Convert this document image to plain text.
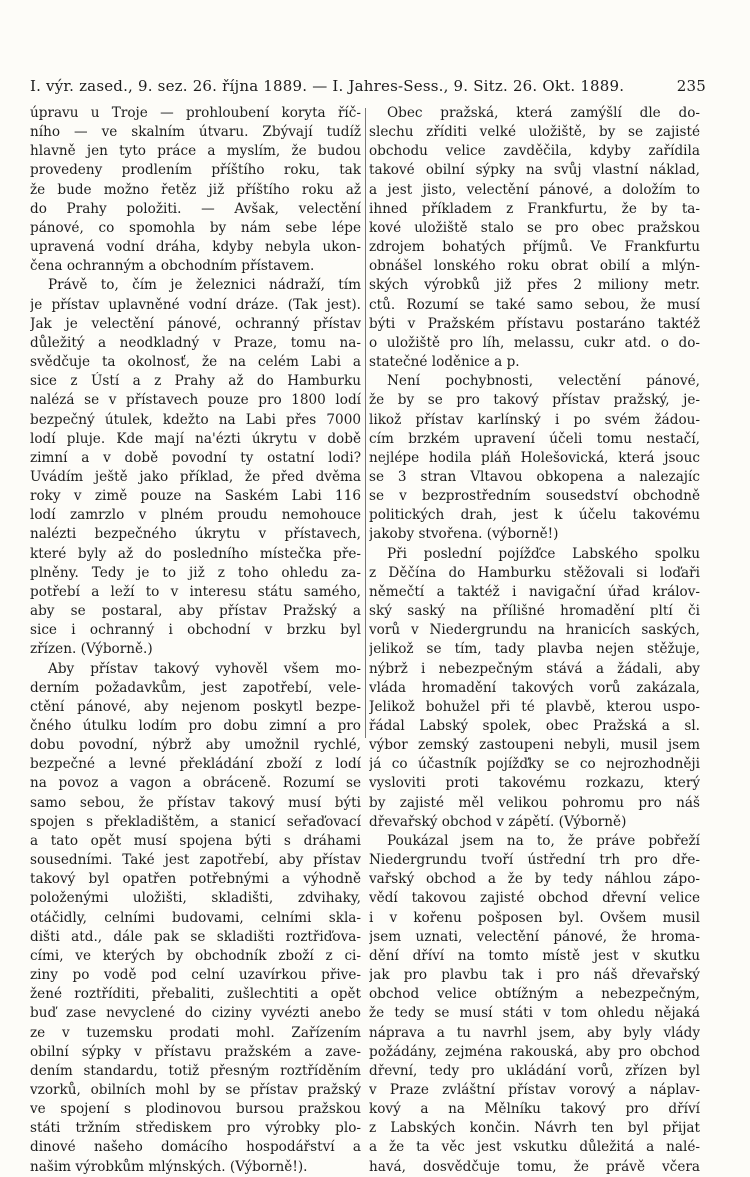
I. výr. zased., 9. sez. 26. října 1889. — I. Jahres-Sess., 9. Sitz. 26. Okt. 1889.	235
úpravu u Troje — prohloubení koryta říč-
ního — ve skalním útvaru. Zbývají tudíž
hlavně jen tyto práce a myslím, že budou
provedeny prodlením příštího roku, tak
že bude možno řetěz již příštího roku až
do Prahy položiti. — Avšak, velectění
pánové, co spomohla by nám sebe lépe
upravená vodní dráha, kdyby nebyla ukon-
čena ochranným a obchodním přístavem.
Právě to, čím je železnici nádraží, tím
je přístav uplavněné vodní dráze. (Tak jest).
Jak je velectění pánové, ochranný přístav
důležitý a neodkladný v Praze, tomu na-
svědčuje ta okolnosť, že na celém Labi a
sice z Ústí a z Prahy až do Hamburku
nalézá se v přístavech pouze pro 1800 lodí
bezpečný útulek, kdežto na Labi přes 7000
lodí pluje. Kde mají na'ézti úkrytu v době
zimní a v době povodní ty ostatní lodi?
Uvádím ještě jako příklad, že před dvěma
roky v zimě pouze na Saském Labi 116
lodí zamrzlo v plném proudu nemohouce
nalézti bezpečného úkrytu v přístavech,
které byly až do posledního místečka pře-
plněny. Tedy je to již z toho ohledu za-
potřebí a leží to v interesu státu samého,
aby se postaral, aby přístav Pražský a
sice i ochranný i obchodní v brzku byl
zřízen. (Výborně.)
Aby přístav takový vyhověl všem mo-
derním požadavkům, jest zapotřebí, vele-
ctění pánové, aby nejenom poskytl bezpe-
čného útulku lodím pro dobu zimní a pro
dobu povodní, nýbrž aby umožnil rychlé,
bezpečné a levné překládání zboží z lodí
na povoz a vagon a obráceně. Rozumí se
samo sebou, že přístav takový musí býti
spojen s překladištěm, a stanicí seřaďovací
a tato opět musí spojena býti s dráhami
sousedními. Také jest zapotřebí, aby přístav
takový byl opatřen potřebnými a výhodně
položenými uložišti, skladišti, zdvihaky,
otáčidly, celními budovami, celními skla-
dišti atd., dále pak se skladišti roztřiďova-
cími, ve kterých by obchodník zboží z ci-
ziny po vodě pod celní uzavírkou přive-
žené roztříditi, přebaliti, zušlechtiti a opět
buď zase nevyclené do ciziny vyvézti anebo
ze v tuzemsku prodati mohl. Zařízením
obilní sýpky v přístavu pražském a zave-
dením standardu, totiž přesným roztříděním
vzorků, obilních mohl by se přístav pražský
ve spojení s plodinovou bursou pražskou
státi tržním střediskem pro výrobky plo-
dinové našeho domácího hospodářství a
našim výrobkům mlýnských. (Výborně!).
Obec pražská, která zamýšlí dle do-
slechu zříditi velké uložiště, by se zajisté
obchodu velice zavděčila, kdyby zařídila
takové obilní sýpky na svůj vlastní náklad,
a jest jisto, velectění pánové, a doložím to
ihned příkladem z Frankfurtu, že by ta-
kové uložiště stalo se pro obec pražskou
zdrojem bohatých příjmů. Ve Frankfurtu
obnášel lonského roku obrat obilí a mlýn-
ských výrobků již přes 2 miliony metr.
ctů. Rozumí se také samo sebou, že musí
býti v Pražském přístavu postaráno taktéž
o uložiště pro líh, melassu, cukr atd. o do-
statečné loděnice a p.
Není pochybnosti, velectění pánové,
že by se pro takový přístav pražský, je-
likož přístav karlínský i po svém žádou-
cím brzkém upravení účeli tomu nestačí,
nejlépe hodila pláň Holešovická, která jsouc
se 3 stran Vltavou obkopena a nalezajíc
se v bezprostředním sousedství obchodně
politických drah, jest k účelu takovému
jakoby stvořena. (výborně!)
Při poslední pojížďce Labského spolku
z Děčína do Hamburku stěžovali si loďaři
němečtí a taktéž i navigační úřad králov-
ský saský na přílišné hromadění pltí či
vorů v Niedergrundu na hranicích saských,
jelikož se tím, tady plavba nejen stěžuje,
nýbrž i nebezpečným stává a žádali, aby
vláda hromadění takových vorů zakázala,
Jelikož bohužel při té plavbě, kterou uspo-
řádal Labský spolek, obec Pražská a sl.
výbor zemský zastoupeni nebyli, musil jsem
já co účastník pojížďky se co nejrozhodněji
vysloviti proti takovému rozkazu, který
by zajisté měl velikou pohromu pro náš
dřevařský obchod v zápětí. (Výborně)
Poukázal jsem na to, že práve pobřeží
Niedergrundu tvoří ústřední trh pro dře-
vařský obchod a že by tedy náhlou zápo-
vědí takovou zajisté obchod dřevní velice
i v kořenu pošposen byl. Ovšem musil
jsem uznati, velectění pánové, že hroma-
dění dříví na tomto místě jest v skutku
jak pro plavbu tak i pro náš dřevařský
obchod velice obtížným a nebezpečným,
že tedy se musí státi v tom ohledu nějaká
náprava a tu navrhl jsem, aby byly vlády
požádány, zejména rakouská, aby pro obchod
dřevní, tedy pro ukládání vorů, zřízen byl
v Praze zvláštní přístav vorový a náplav-
kový a na Mělníku takový pro dříví
z Labských končin. Návrh ten byl přijat
a že ta věc jest vskutku důležitá a nalé-
havá, dosvědčuje tomu, že právě včera
